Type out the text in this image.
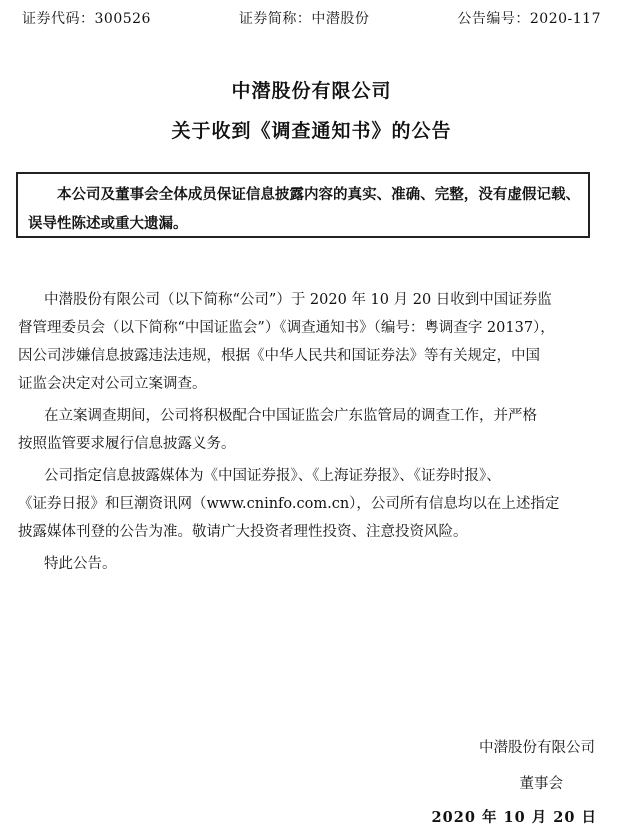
证券代码：300526	证券简称：中潜股份	公告编号：2020-117
中潜股份有限公司
关于收到《调查通知书》的公告
本公司及董事会全体成员保证信息披露内容的真实、准确、完整，没有虚假记载、误导性陈述或重大遗漏。
中潜股份有限公司（以下简称“公司”）于 2020 年 10 月 20 日收到中国证券监
督管理委员会（以下简称“中国证监会”）《调查通知书》（编号：粤调查字 20137），
因公司涉嫌信息披露违法违规，根据《中华人民共和国证券法》等有关规定，中国
证监会决定对公司立案调查。
在立案调查期间，公司将积极配合中国证监会广东监管局的调查工作，并严格
按照监管要求履行信息披露义务。
公司指定信息披露媒体为《中国证券报》、《上海证券报》、《证券时报》、
《证券日报》和巨潮资讯网（www.cninfo.com.cn），公司所有信息均以在上述指定
披露媒体刊登的公告为准。敬请广大投资者理性投资、注意投资风险。
特此公告。
中潜股份有限公司
董事会
2020 年 10 月 20 日
